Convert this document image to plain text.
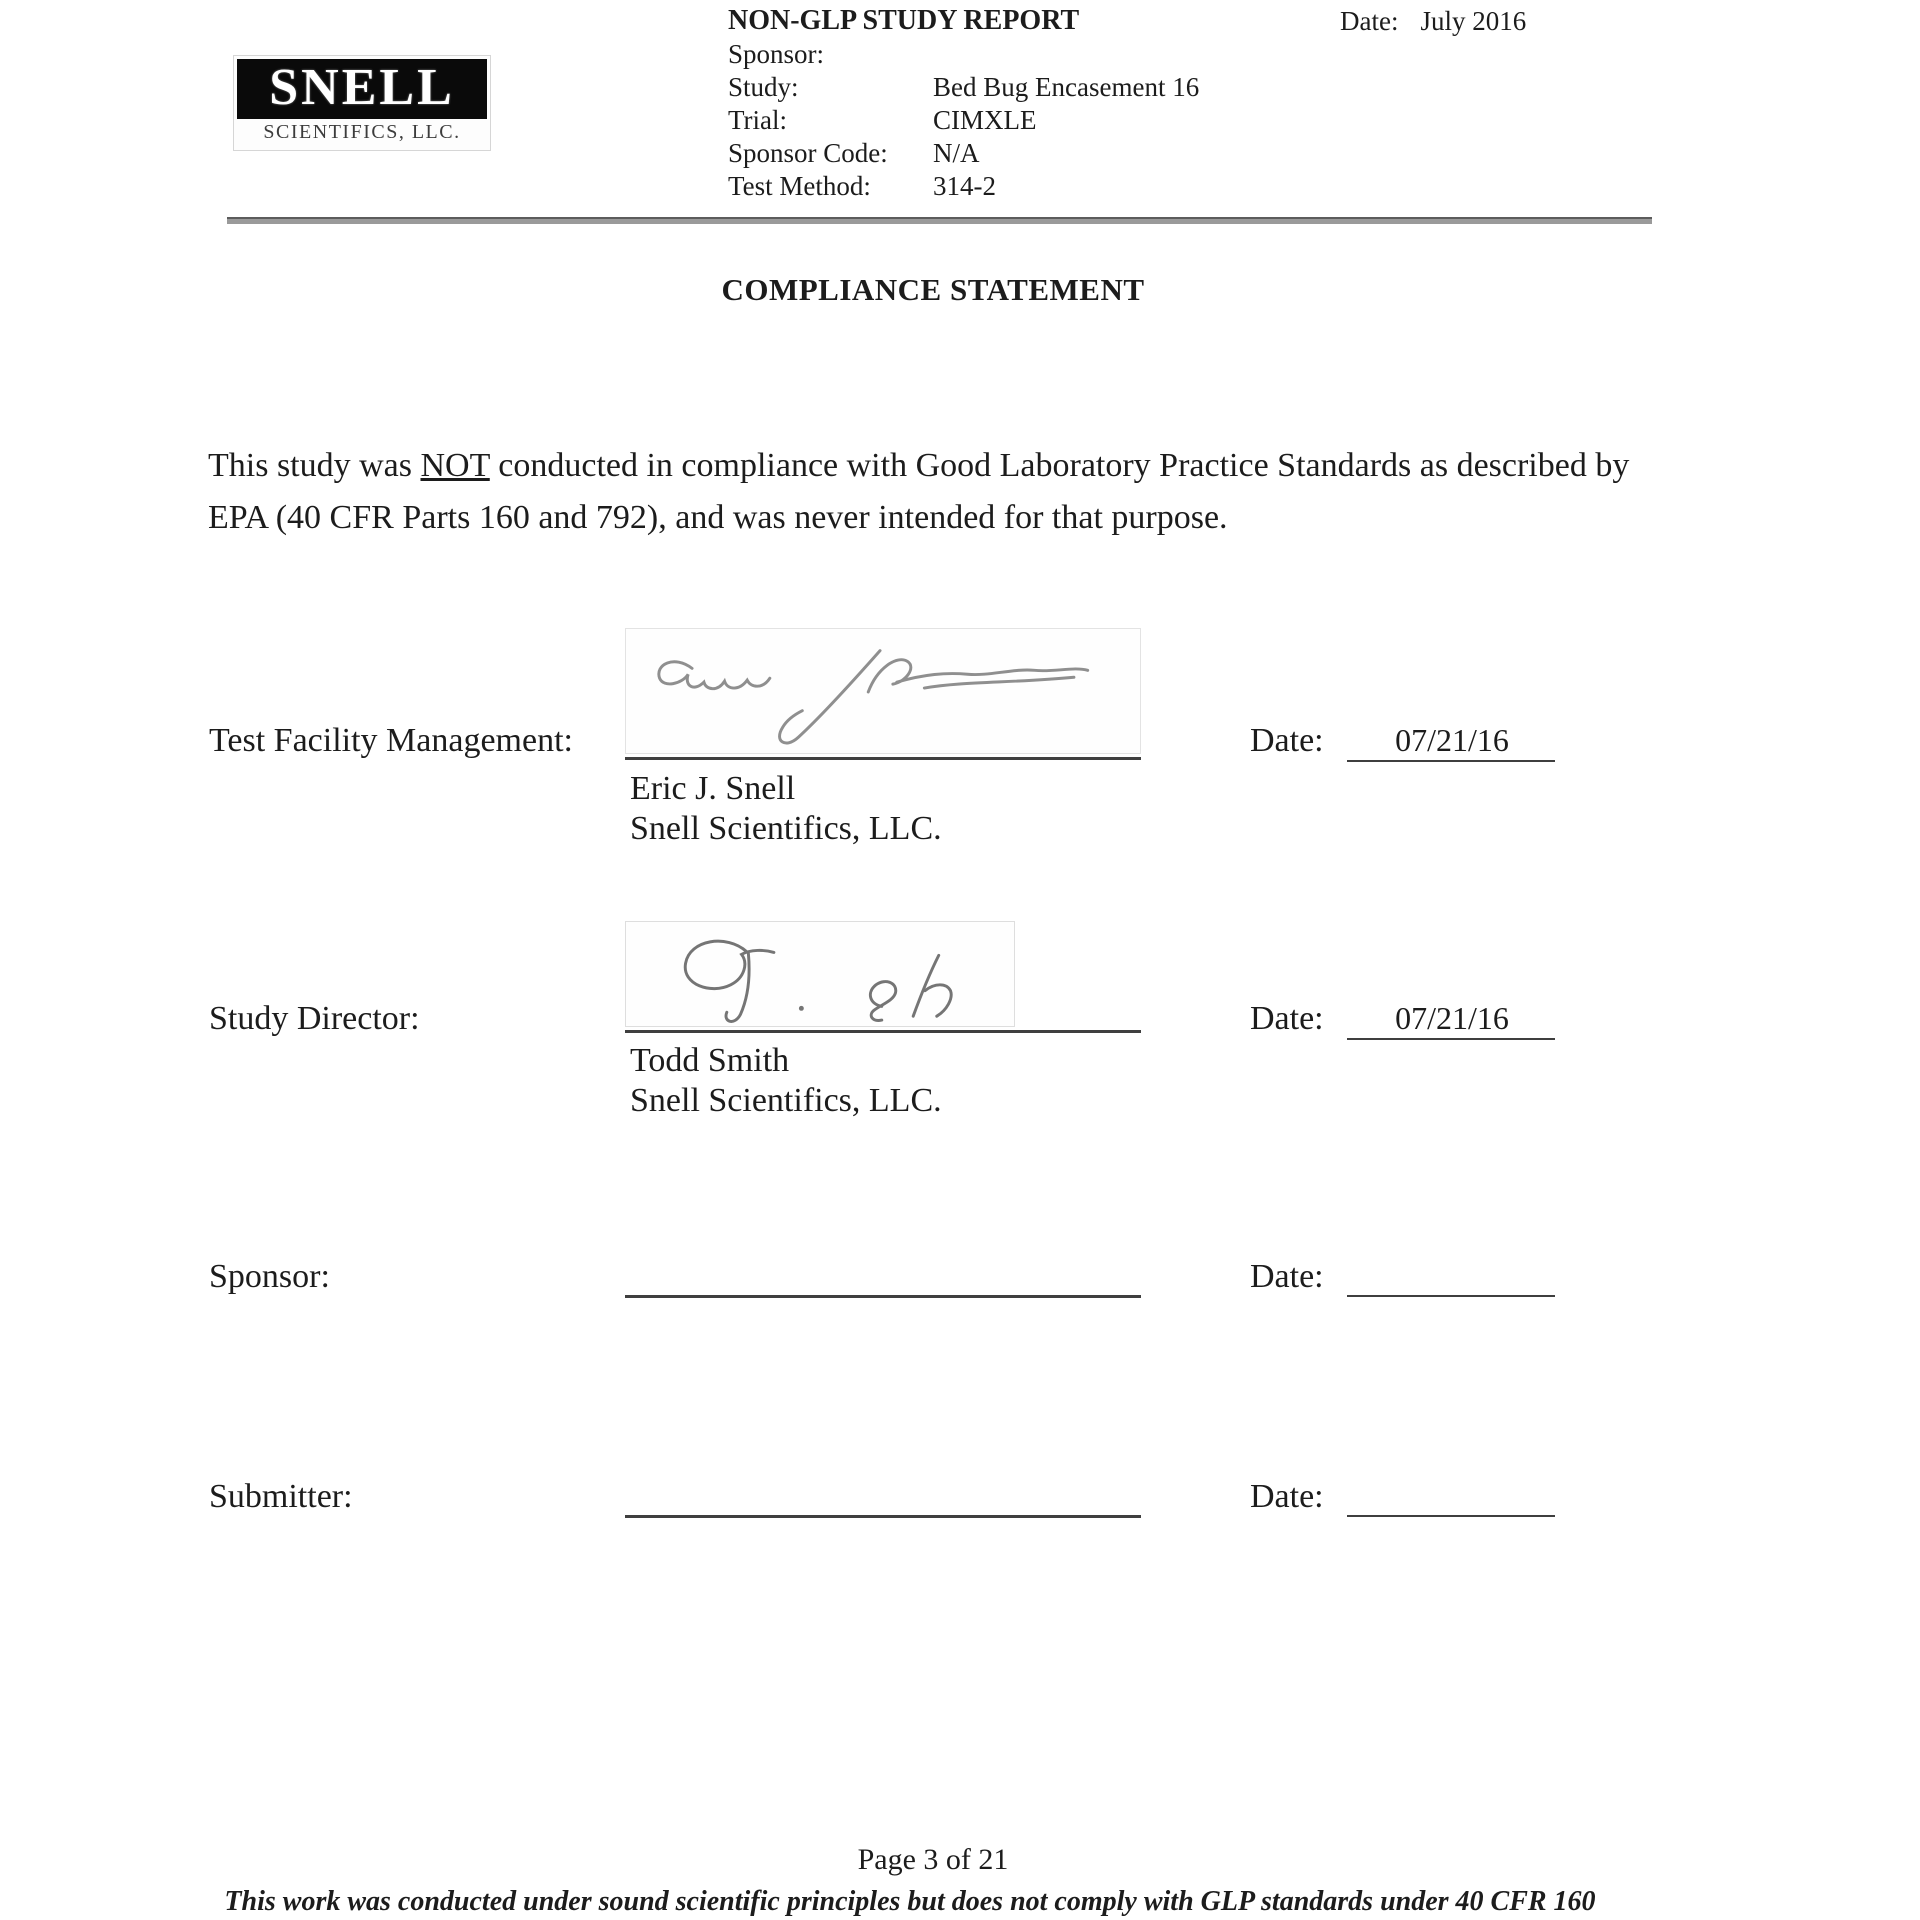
SNELL
SCIENTIFICS, LLC.
NON-GLP STUDY REPORT
Sponsor:
Study:	Bed Bug Encasement 16
Trial:	CIMXLE
Sponsor Code:	N/A
Test Method:	314-2
Date: July 2016
COMPLIANCE STATEMENT

This study was NOT conducted in compliance with Good Laboratory Practice Standards as described by
EPA (40 CFR Parts 160 and 792), and was never intended for that purpose.

Test Facility Management:
Eric J. Snell
Snell Scientifics, LLC.
Date:	07/21/16
Study Director:
Todd Smith
Snell Scientifics, LLC.
Date:	07/21/16
Sponsor:	Date:
Submitter:	Date:
Page 3 of 21
This work was conducted under sound scientific principles but does not comply with GLP standards under 40 CFR 160
